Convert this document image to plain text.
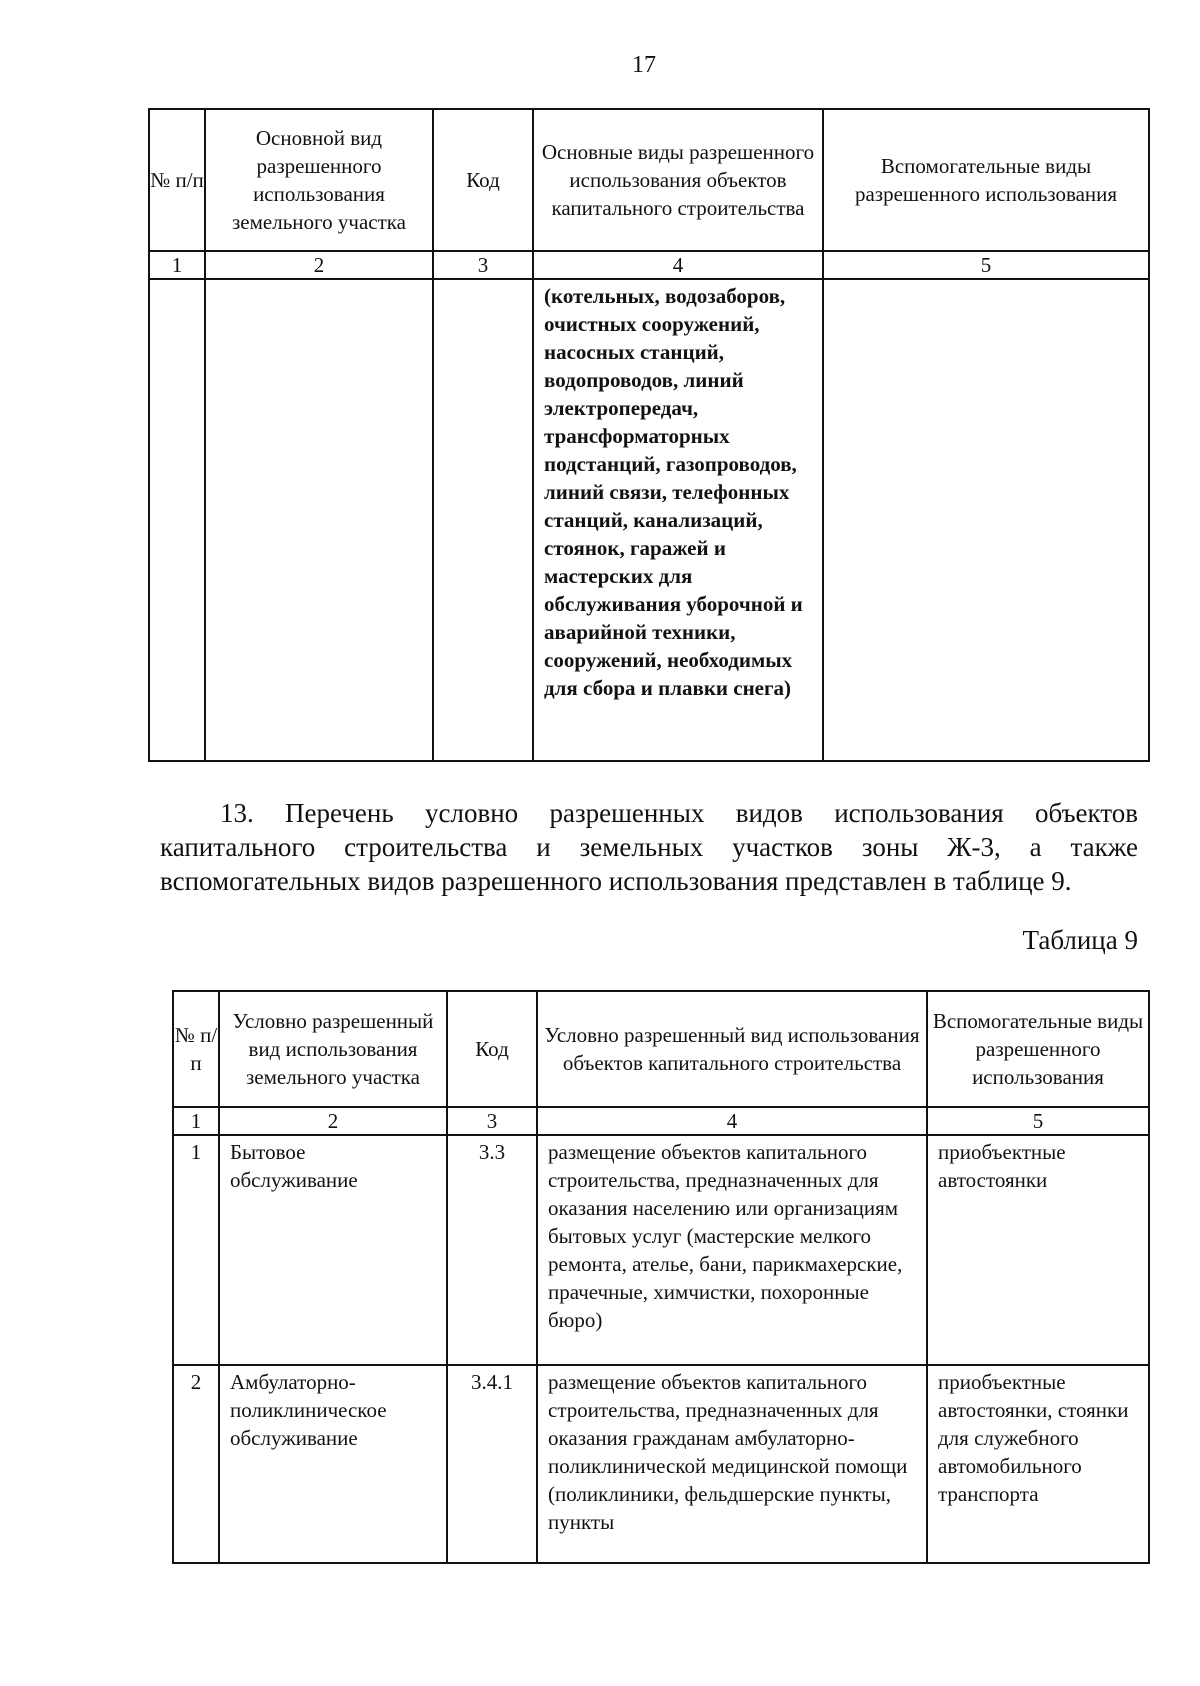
17
№ п/п	Основной вид разрешенного использования земельного участка	Код	Основные виды разрешенного использования объектов капитального строительства	Вспомогательные виды разрешенного использования
1	2	3	4	5
			(котельных, водозаборов, очистных сооружений, насосных станций, водопроводов, линий электропередач, трансформаторных подстанций, газопроводов, линий связи, телефонных станций, канализаций, стоянок, гаражей и мастерских для обслуживания уборочной и аварийной техники, сооружений, необходимых для сбора и плавки снега)	

13. Перечень условно разрешенных видов использования объектов капитального строительства и земельных участков зоны Ж-3, а также вспомогательных видов разрешенного использования представлен в таблице 9.

Таблица 9
№ п/п	Условно разрешенный вид использования земельного участка	Код	Условно разрешенный вид использования объектов капитального строительства	Вспомогательные виды разрешенного использования
1	2	3	4	5
1	Бытовое обслуживание	3.3	размещение объектов капитального строительства, предназначенных для оказания населению или организациям бытовых услуг (мастерские мелкого ремонта, ателье, бани, парикмахерские, прачечные, химчистки, похоронные бюро)	приобъектные автостоянки
2	Амбулаторно-поликлиническое обслуживание	3.4.1	размещение объектов капитального строительства, предназначенных для оказания гражданам амбулаторно-поликлинической медицинской помощи (поликлиники, фельдшерские пункты, пункты	приобъектные автостоянки, стоянки для служебного автомобильного транспорта
